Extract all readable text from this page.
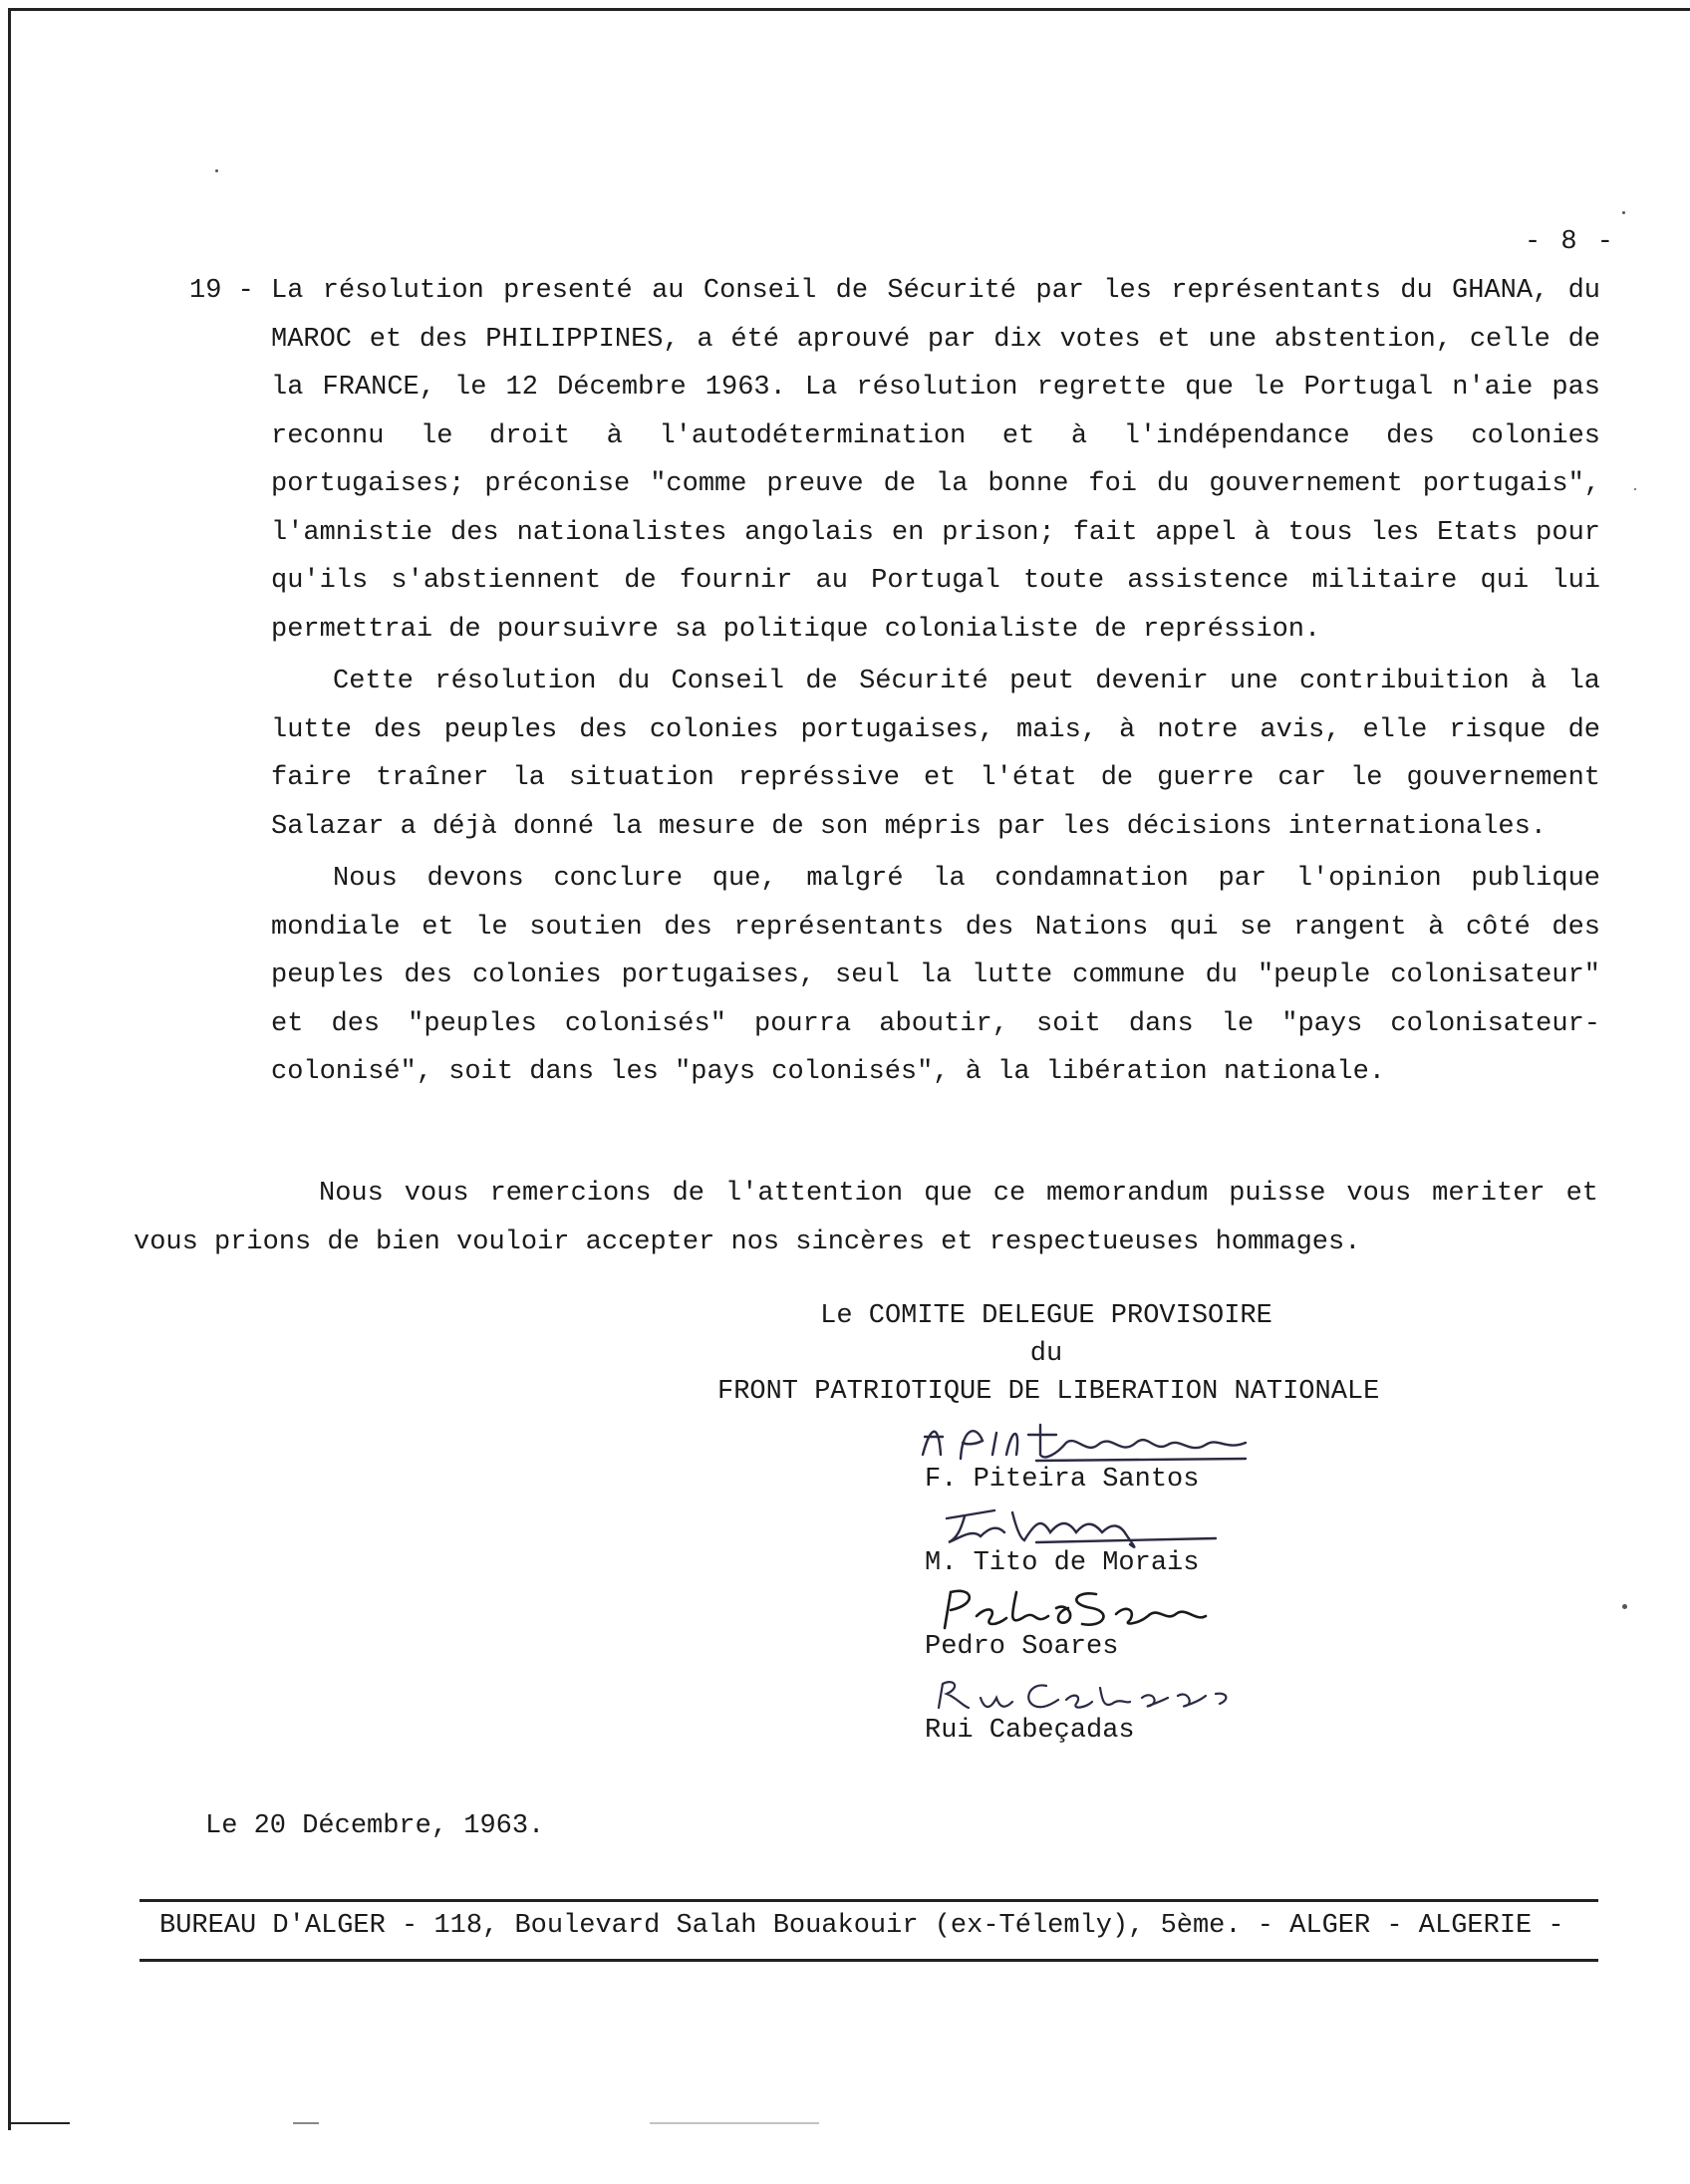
- 8 -
19 - La résolution presenté au Conseil de Sécurité par les représentants du GHANA, du MAROC et des PHILIPPINES, a été aprouvé par dix votes et une abstention, celle de la FRANCE, le 12 Décembre 1963. La résolution regrette que le Portugal n'aie pas reconnu le droit à l'autodétermination et à l'indépendance des colonies portugaises; préconise "comme preuve de la bonne foi du gouvernement portugais", l'amnistie des nationalistes angolais en prison; fait appel à tous les Etats pour qu'ils s'abstiennent de fournir au Portugal toute assistence militaire qui lui permettrai de poursuivre sa politique colonialiste de représsion.

Cette résolution du Conseil de Sécurité peut devenir une contribuition à la lutte des peuples des colonies portugaises, mais, à notre avis, elle risque de faire traîner la situation représsive et l'état de guerre car le gouvernement Salazar a déjà donné la mesure de son mépris par les décisions internationales.

Nous devons conclure que, malgré la condamnation par l'opinion publique mondiale et le soutien des représentants des Nations qui se rangent à côté des peuples des colonies portugaises, seul la lutte commune du "peuple colonisateur" et des "peuples colonisés" pourra aboutir, soit dans le "pays colonisateur-colonisé", soit dans les "pays colonisés", à la libération nationale.

Nous vous remercions de l'attention que ce memorandum puisse vous meriter et vous prions de bien vouloir accepter nos sincères et respectueuses hommages.

Le COMITE DELEGUE PROVISOIRE
du
FRONT PATRIOTIQUE DE LIBERATION NATIONALE
F. Piteira Santos
M. Tito de Morais
Pedro Soares
Rui Cabeçadas
Le 20 Décembre, 1963.
BUREAU D'ALGER - 118, Boulevard Salah Bouakouir (ex-Télemly), 5ème. - ALGER - ALGERIE -
